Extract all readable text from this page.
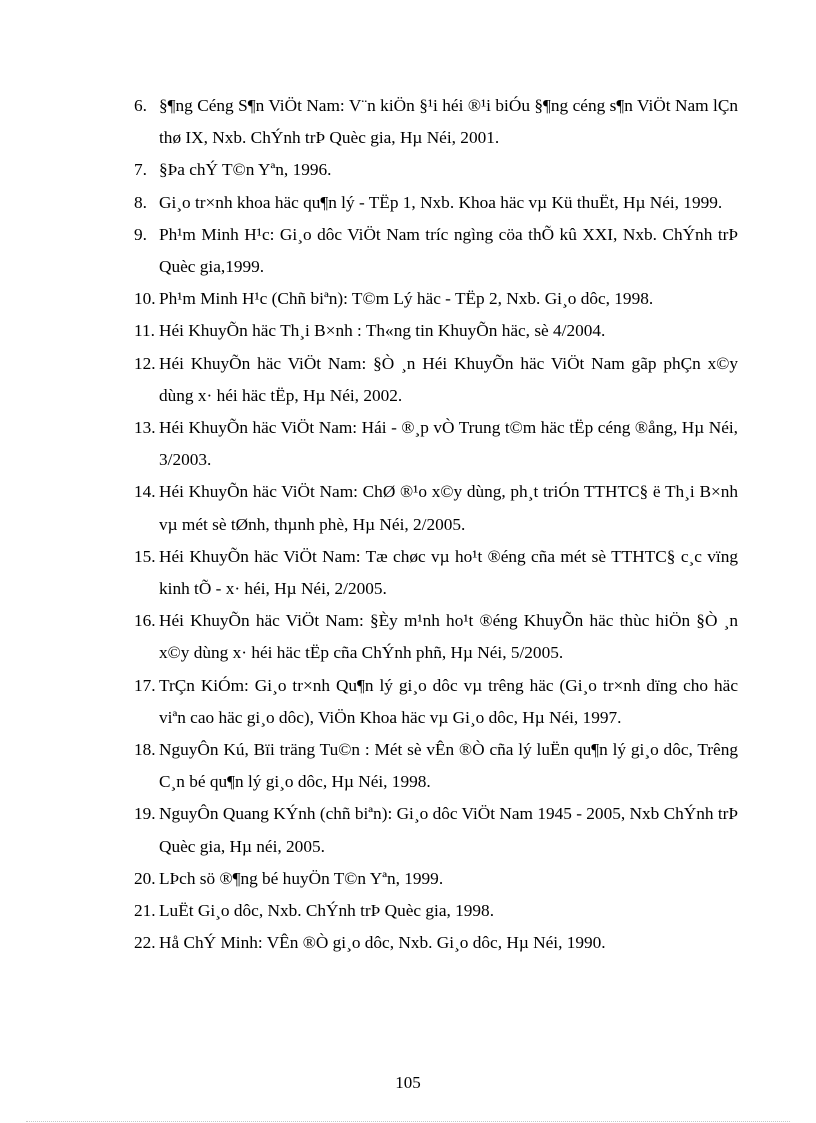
6. §¶ng Céng S¶n ViÖt Nam: V¨n kiÖn §¹i héi ®¹i biÓu §¶ng céng s¶n ViÖt Nam lÇn thø IX, Nxb. ChÝnh trÞ Quèc gia, Hµ Néi, 2001.
7. §Þa chÝ T©n Yªn, 1996.
8. Gi¸o tr×nh khoa häc qu¶n lý - TËp 1, Nxb. Khoa häc vµ Kü thuËt, Hµ Néi, 1999.
9. Ph¹m Minh H¹c: Gi¸o dôc ViÖt Nam tríc ngìng cöa thÕ kû XXI, Nxb. ChÝnh trÞ Quèc gia,1999.
10. Ph¹m Minh H¹c (Chñ biªn): T©m Lý häc - TËp 2, Nxb. Gi¸o dôc, 1998.
11. Héi KhuyÕn häc Th¸i B×nh : Th«ng tin KhuyÕn häc, sè 4/2004.
12. Héi KhuyÕn häc ViÖt Nam: §Ò ¸n Héi KhuyÕn häc ViÖt Nam gãp phÇn x©y dùng x· héi häc tËp, Hµ Néi, 2002.
13. Héi KhuyÕn häc ViÖt Nam: Hái - ®¸p vÒ Trung t©m häc tËp céng ®ång, Hµ Néi, 3/2003.
14. Héi KhuyÕn häc ViÖt Nam: ChØ ®¹o x©y dùng, ph¸t triÓn TTHTC§ ë Th¸i B×nh vµ mét sè tØnh, thµnh phè, Hµ Néi, 2/2005.
15. Héi KhuyÕn häc ViÖt Nam: Tæ chøc vµ ho¹t ®éng cña mét sè TTHTC§ c¸c vïng kinh tÕ - x· héi, Hµ Néi, 2/2005.
16. Héi KhuyÕn häc ViÖt Nam: §Èy m¹nh ho¹t ®éng KhuyÕn häc thùc hiÖn §Ò ¸n x©y dùng x· héi häc tËp cña ChÝnh phñ, Hµ Néi, 5/2005.
17. TrÇn KiÓm: Gi¸o tr×nh Qu¶n lý gi¸o dôc vµ trêng häc (Gi¸o tr×nh dïng cho häc viªn cao häc gi¸o dôc), ViÖn Khoa häc vµ Gi¸o dôc, Hµ Néi, 1997.
18. NguyÔn Kú, Bïi träng Tu©n : Mét sè vÊn ®Ò cña lý luËn qu¶n lý gi¸o dôc, Trêng C¸n bé qu¶n lý gi¸o dôc, Hµ Néi, 1998.
19. NguyÔn Quang KÝnh (chñ biªn): Gi¸o dôc ViÖt Nam 1945 - 2005, Nxb ChÝnh trÞ Quèc gia, Hµ néi, 2005.
20. LÞch sö ®¶ng bé huyÖn T©n Yªn, 1999.
21. LuËt Gi¸o dôc, Nxb. ChÝnh trÞ Quèc gia, 1998.
22. Hå ChÝ Minh: VÊn ®Ò gi¸o dôc, Nxb. Gi¸o dôc, Hµ Néi, 1990.
105
